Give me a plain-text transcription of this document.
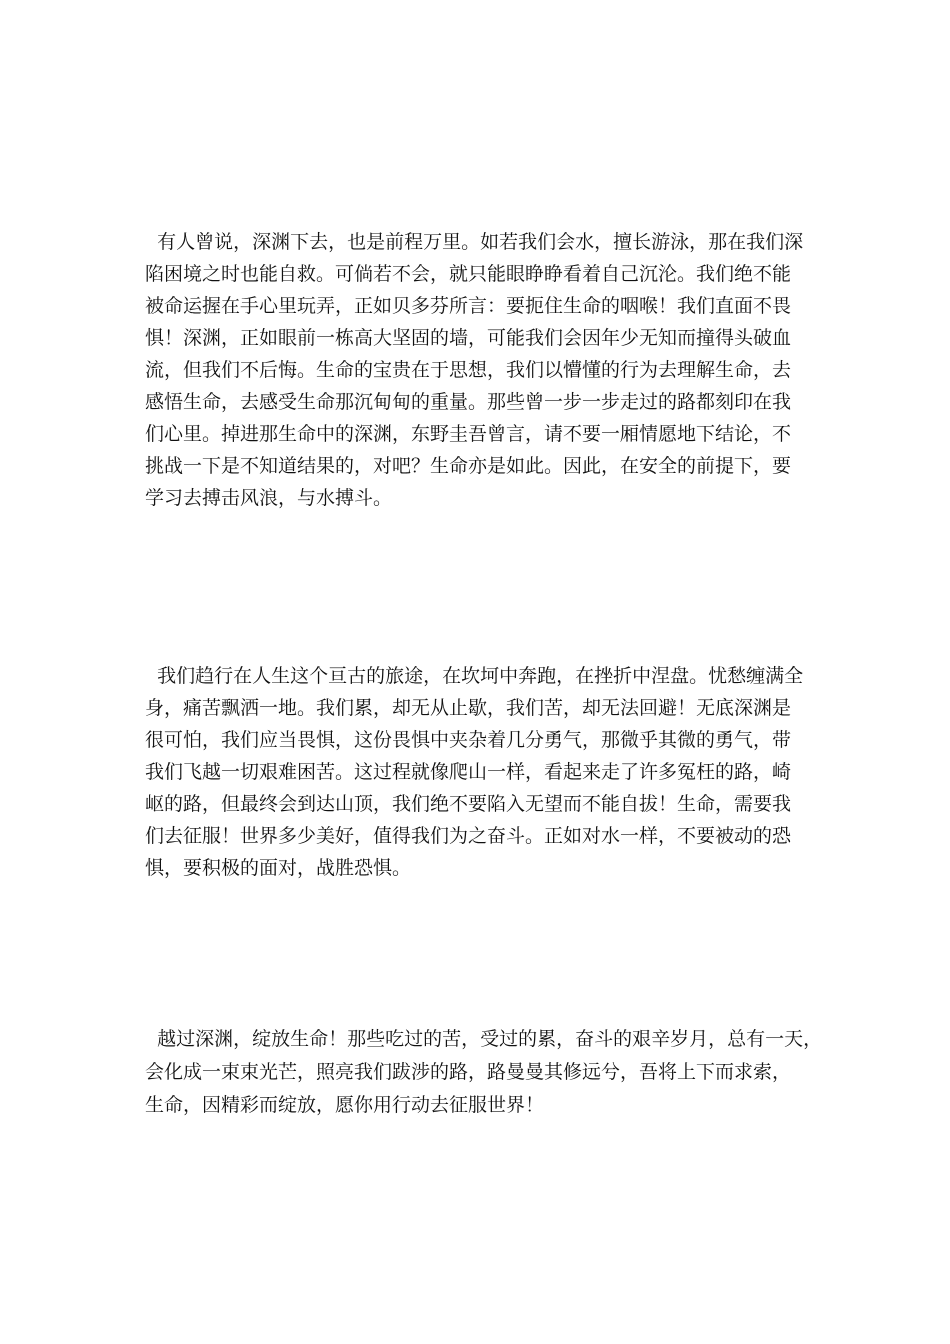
有人曾说，深渊下去，也是前程万里。如若我们会水，擅长游泳，那在我们深
陷困境之时也能自救。可倘若不会，就只能眼睁睁看着自己沉沦。我们绝不能
被命运握在手心里玩弄，正如贝多芬所言：要扼住生命的咽喉！我们直面不畏
惧！深渊，正如眼前一栋高大坚固的墙，可能我们会因年少无知而撞得头破血
流，但我们不后悔。生命的宝贵在于思想，我们以懵懂的行为去理解生命，去
感悟生命，去感受生命那沉甸甸的重量。那些曾一步一步走过的路都刻印在我
们心里。掉进那生命中的深渊，东野圭吾曾言，请不要一厢情愿地下结论，不
挑战一下是不知道结果的，对吧？生命亦是如此。因此，在安全的前提下，要
学习去搏击风浪，与水搏斗。

我们趋行在人生这个亘古的旅途，在坎坷中奔跑，在挫折中涅盘。忧愁缠满全
身，痛苦飘洒一地。我们累，却无从止歇，我们苦，却无法回避！无底深渊是
很可怕，我们应当畏惧，这份畏惧中夹杂着几分勇气，那微乎其微的勇气，带
我们飞越一切艰难困苦。这过程就像爬山一样，看起来走了许多冤枉的路，崎
岖的路，但最终会到达山顶，我们绝不要陷入无望而不能自拔！生命，需要我
们去征服！世界多少美好，值得我们为之奋斗。正如对水一样，不要被动的恐
惧，要积极的面对，战胜恐惧。

越过深渊，绽放生命！那些吃过的苦，受过的累，奋斗的艰辛岁月，总有一天，
会化成一束束光芒，照亮我们跋涉的路，路曼曼其修远兮，吾将上下而求索，
生命，因精彩而绽放，愿你用行动去征服世界！
